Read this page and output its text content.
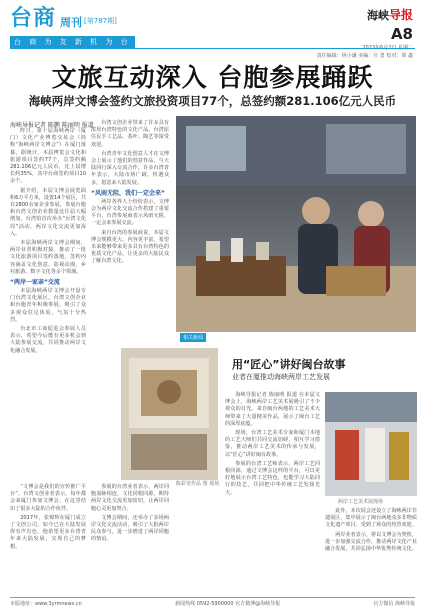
台商 周刊 [第787期]
台 商 为 友 新 机 为 台
海峡导报
A8
责任编辑：林小谦 美编：庄 勇 校对：梁 鑫
文旅互动深入 台胞参展踊跃
海峡两岸文博会签约文旅投资项目77个，总签约额281.106亿元人民币
海峡导报记者 陈鹏 陈丽明 报道

昨日，第十届海峡两岸（厦门）文化产业博览交易会（简称“海峡两岸文博会”）在厦门落幕。据统计，本届博览会文化和旅游项目签约77个，总签约额281.106亿元人民币，比上届增长约35%，其中台商签约项目10余个。

据介绍，本届文博会展览面积6万平方米，设置14个展区，共有2800余家企业参展，参展台胞和台湾文创企业数量比往届大幅增加，台湾馆首次举办“台湾文化周”活动，两岸文化交流更加深入。

本届海峡两岸文博会期间，两岸业者积极对接，推动了一批文化旅游项目签约落地，签约内容涵盖文化创意、影视动漫、乡村旅游、数字文化等多个领域。

“两岸一家亲”交流

本届海峡两岸文博会开设专门台湾文化展区，台湾文创企业和台胞青年积极参展，吸引了众多观众驻足体验，气氛十分热烈。

台北市工商促进会参展人员表示，希望今后能有更多机会到大陆参展交流，共同推动两岸文化融合发展。

台湾文创企业带来了许多具有浓厚台湾特色的文化产品，台湾原住民手工艺品、茶叶、陶艺等深受欢迎。

台湾青年文化创意人才在文博会上展示了他们的创意作品，与大陆同行深入交流合作。许多台湾青年表示，大陆市场广阔，机遇众多，愿意来大陆发展。

“风雨无阻，我们一定会来”

两岸各界人士纷纷表示，文博会为两岸文化交流合作搭建了重要平台，台湾参展商表示风雨无阻，一定会来参展交流。

来自台湾的参展商说，本届文博会规模更大、内容更丰富，希望未来能够带来更多具有台湾特色的优质文化产品，让更多的大陆民众了解台湾文化。

相关新闻
用“匠心”讲好闽台故事
业者在厦推动海峡两岸工艺发展
陈彩龙作品 图 现场

海峡导报记者 陈丽明 报道 在本届文博会上，海峡两岸工艺美术展吸引了不少观众的目光。来自闽台两地的工艺美术大师带来了大量精美作品，展示了闽台工艺的深厚底蕴。

现场，台湾工艺美术专家和厦门本地的工艺大师们共同交流切磋，相互学习借鉴，推动两岸工艺美术的传承与发展，以“匠心”讲好闽台故事。

参展的台湾工艺师表示，两岸工艺同根同源，通过文博会这样的平台，可以更好地展示台湾工艺特色，也能学习大陆同行的技艺，共同把中华传统工艺发扬光大。

两岸工艺美术展现场

此外，本次展会还设立了海峡两岸非遗展区，集中展示了闽台两地众多非物质文化遗产项目，受到了观众的热烈欢迎。

两岸业者表示，将以文博会为契机，进一步加强交流合作，推动两岸文化产业融合发展，共同弘扬中华优秀传统文化。

“文博会是我们的宣传推广平台”，台湾文创业者表示，每年都会来厦门参加文博会，在这里结识了很多大陆的合作伙伴。

2017年，张锦辉在厦门成立了文创公司，如今已在大陆发展得有声有色，他希望更多台湾青年来大陆发展，实现自己的梦想。

参展的台湾业者表示，两岸同胞血脉相连，文化同根同源，期待两岸文化交流更加密切，让两岸同胞心灵更加契合。

文博会期间，还举办了多场两岸文化交流活动，吸引了大批两岸民众参与，进一步增进了两岸同胞的情谊。

本版地址：www.3yrmnews.cn	新闻热线 0592-5900000 官方微博@海峡导报	官方微信 海峡导报
